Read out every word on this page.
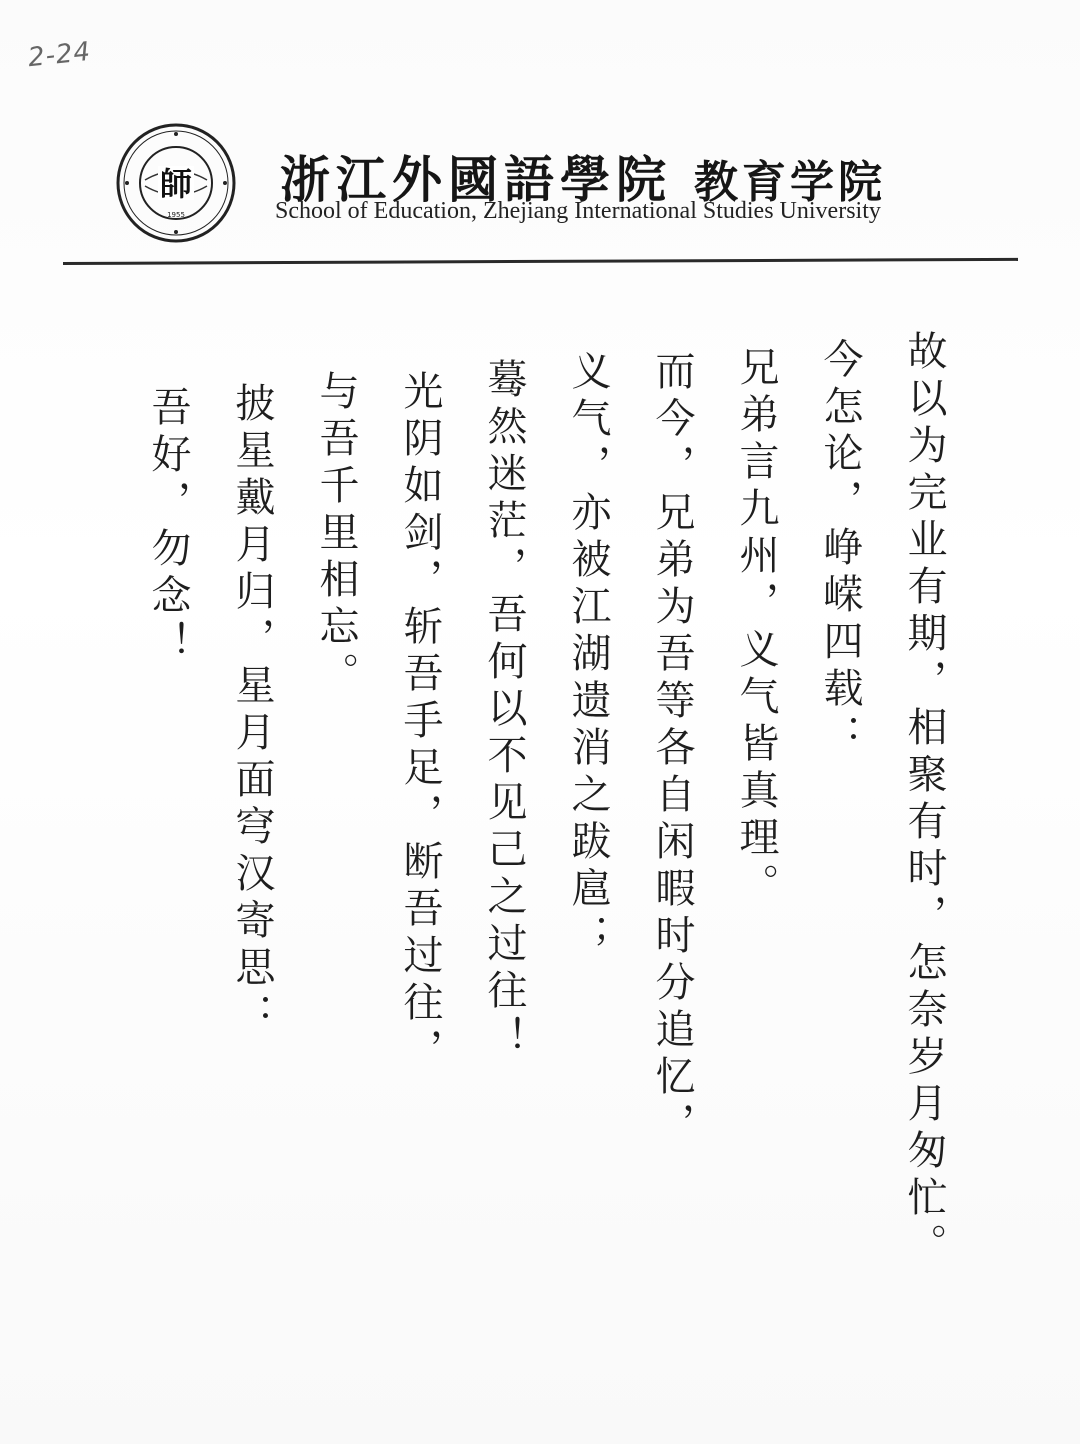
2-24
師
1955
浙江外國語學院 教育学院
School of Education, Zhejiang International Studies University
故以为完业有期，相聚有时，怎奈岁月匆忙。
今怎论，峥嵘四载：
兄弟言九州，义气皆真理。
而今，兄弟为吾等各自闲暇时分追忆，
义气，亦被江湖遗消之跋扈；
蓦然迷茫，吾何以不见己之过往！
光阴如剑，斩吾手足，断吾过往，
与吾千里相忘。
披星戴月归，星月面穹汉寄思：
吾好，勿念！
